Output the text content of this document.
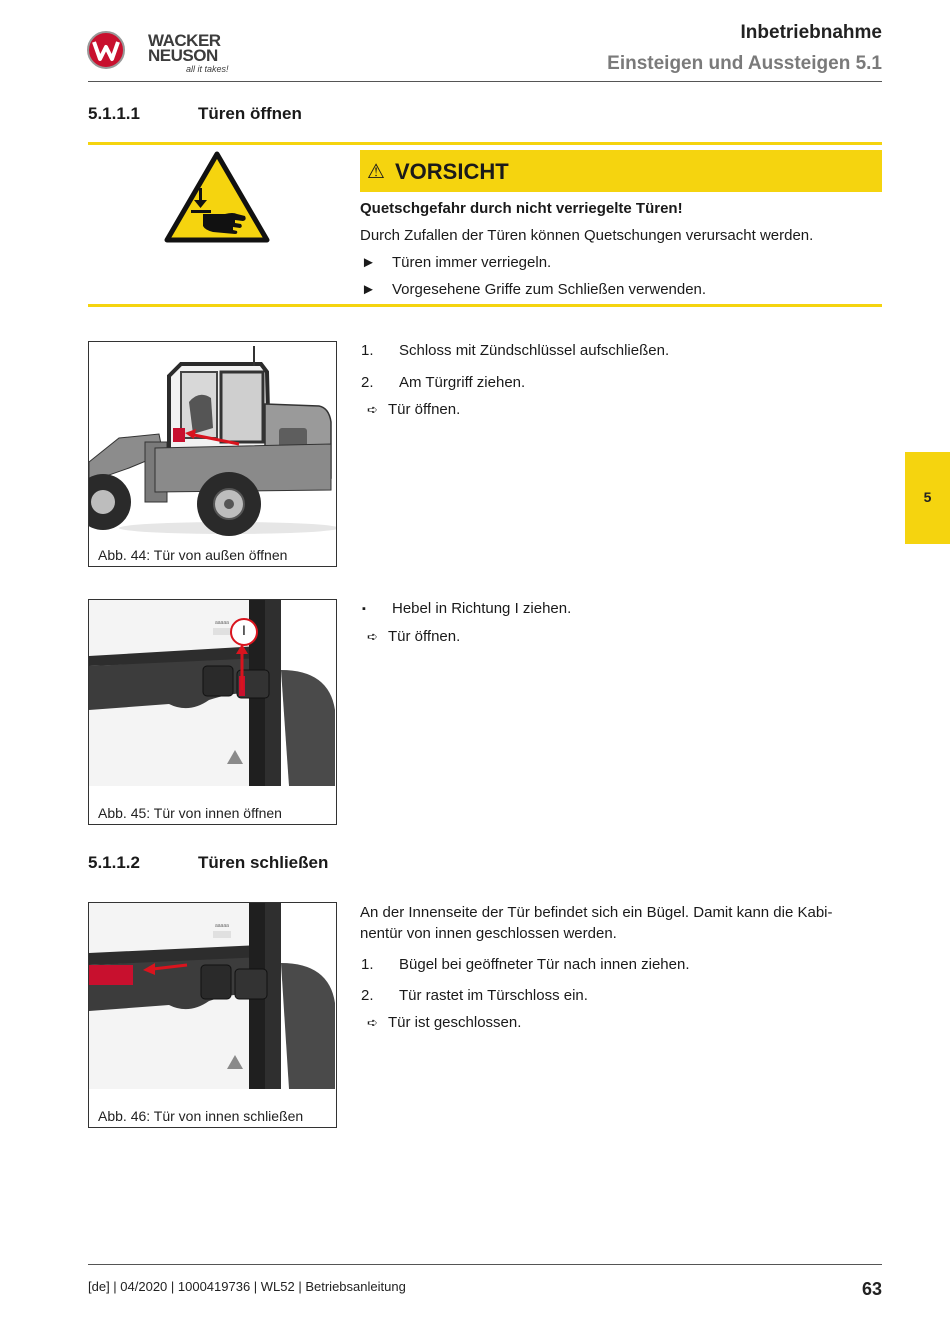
WACKER
NEUSON
all it takes!
Inbetriebnahme
Einsteigen und Aussteigen 5.1
5.1.1.1	Türen öffnen
⚠ VORSICHT
Quetschgefahr durch nicht verriegelte Türen!
Durch Zufallen der Türen können Quetschungen verursacht werden.
► Türen immer verriegeln.
► Vorgesehene Griffe zum Schließen verwenden.
Abb. 44: Tür von außen öffnen
1. Schloss mit Zündschlüssel aufschließen.
2. Am Türgriff ziehen.
➪ Tür öffnen.
5
aaaaa I
Abb. 45: Tür von innen öffnen
▪ Hebel in Richtung I ziehen.
➪ Tür öffnen.
5.1.1.2	Türen schließen
aaaaa
Abb. 46: Tür von innen schließen
An der Innenseite der Tür befindet sich ein Bügel. Damit kann die Kabi-
nentür von innen geschlossen werden.
1. Bügel bei geöffneter Tür nach innen ziehen.
2. Tür rastet im Türschloss ein.
➪ Tür ist geschlossen.
[de] | 04/2020 | 1000419736 | WL52 | Betriebsanleitung	63
